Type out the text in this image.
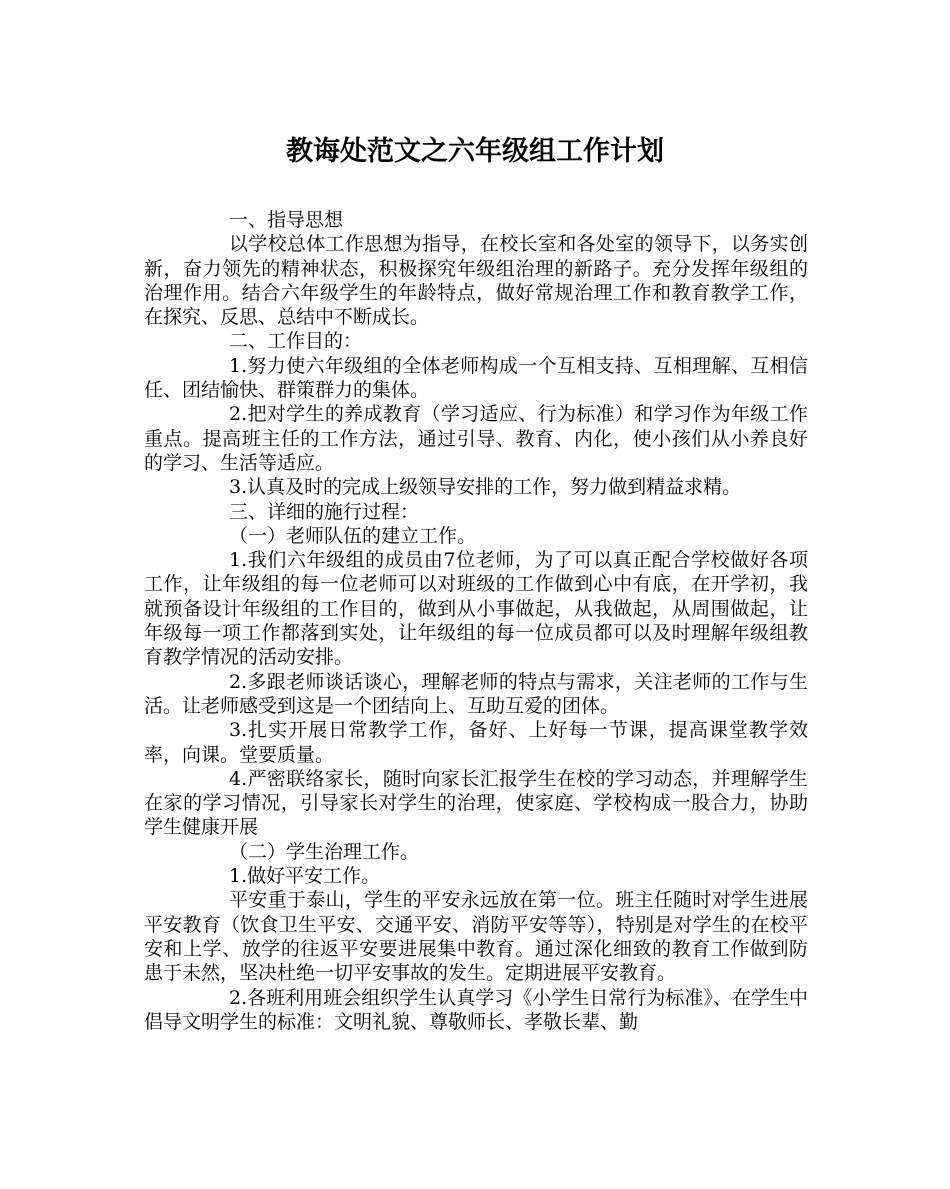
教诲处范文之六年级组工作计划

一、指导思想

以学校总体工作思想为指导，在校长室和各处室的领导下，以务实创新，奋力领先的精神状态，积极探究年级组治理的新路子。充分发挥年级组的治理作用。结合六年级学生的年龄特点，做好常规治理工作和教育教学工作，在探究、反思、总结中不断成长。

二、工作目的：

1.努力使六年级组的全体老师构成一个互相支持、互相理解、互相信任、团结愉快、群策群力的集体。

2.把对学生的养成教育（学习适应、行为标准）和学习作为年级工作重点。提高班主任的工作方法，通过引导、教育、内化，使小孩们从小养良好的学习、生活等适应。

3.认真及时的完成上级领导安排的工作，努力做到精益求精。

三、详细的施行过程：

（一）老师队伍的建立工作。

1.我们六年级组的成员由7位老师，为了可以真正配合学校做好各项工作，让年级组的每一位老师可以对班级的工作做到心中有底，在开学初，我就预备设计年级组的工作目的，做到从小事做起，从我做起，从周围做起，让年级每一项工作都落到实处，让年级组的每一位成员都可以及时理解年级组教育教学情况的活动安排。

2.多跟老师谈话谈心，理解老师的特点与需求，关注老师的工作与生活。让老师感受到这是一个团结向上、互助互爱的团体。

3.扎实开展日常教学工作，备好、上好每一节课，提高课堂教学效率，向课。堂要质量。

4.严密联络家长，随时向家长汇报学生在校的学习动态，并理解学生在家的学习情况，引导家长对学生的治理，使家庭、学校构成一股合力，协助学生健康开展

（二）学生治理工作。

1.做好平安工作。

平安重于泰山，学生的平安永远放在第一位。班主任随时对学生进展平安教育（饮食卫生平安、交通平安、消防平安等等），特别是对学生的在校平安和上学、放学的往返平安要进展集中教育。通过深化细致的教育工作做到防患于未然，坚决杜绝一切平安事故的发生。定期进展平安教育。

2.各班利用班会组织学生认真学习《小学生日常行为标准》、在学生中倡导文明学生的标准：文明礼貌、尊敬师长、孝敬长辈、勤
